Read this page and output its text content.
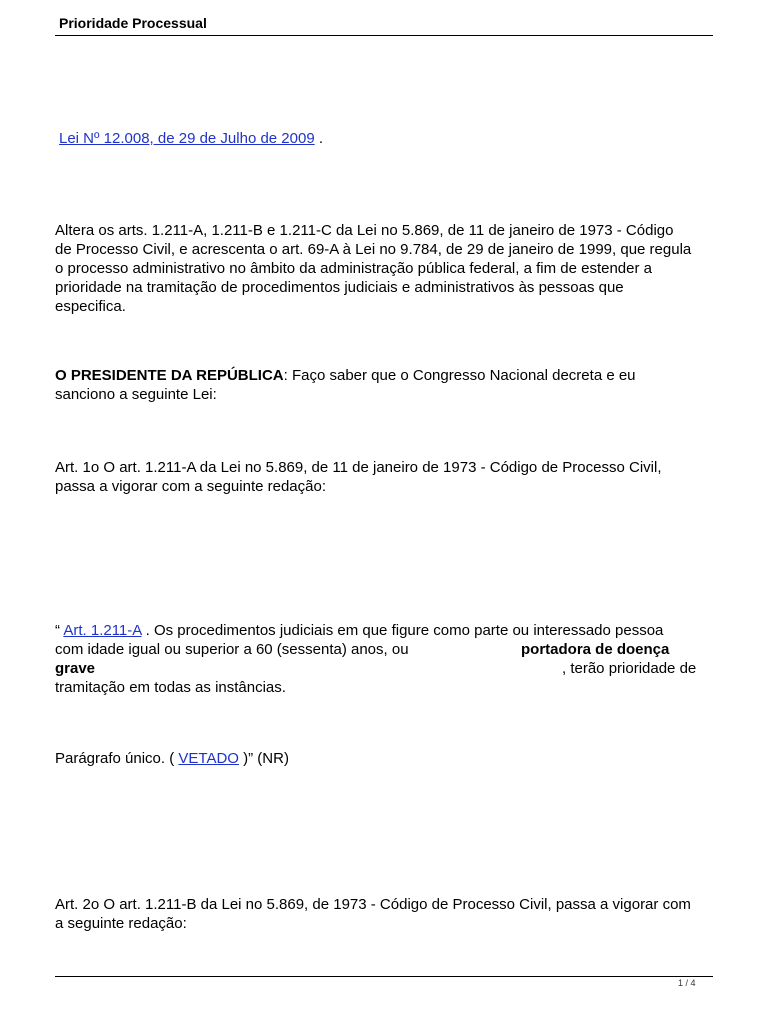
Prioridade Processual

Lei Nº 12.008, de 29 de Julho de 2009 .

Altera os arts. 1.211-A, 1.211-B e 1.211-C da Lei no 5.869, de 11 de janeiro de 1973 - Código
de Processo Civil, e acrescenta o art. 69-A à Lei no 9.784, de 29 de janeiro de 1999, que regula
o processo administrativo no âmbito da administração pública federal, a fim de estender a
prioridade na tramitação de procedimentos judiciais e administrativos às pessoas que
especifica.
O PRESIDENTE DA REPÚBLICA: Faço saber que o Congresso Nacional decreta e eu
sanciono a seguinte Lei:
Art. 1o O art. 1.211-A da Lei no 5.869, de 11 de janeiro de 1973 - Código de Processo Civil,
passa a vigorar com a seguinte redação:
“ Art. 1.211-A . Os procedimentos judiciais em que figure como parte ou interessado pessoa
com idade igual ou superior a 60 (sessenta) anos, ou	portadora de doença
grave	, terão prioridade de
tramitação em todas as instâncias.
Parágrafo único. ( VETADO )” (NR)
Art. 2o O art. 1.211-B da Lei no 5.869, de 1973 - Código de Processo Civil, passa a vigorar com
a seguinte redação:
1 / 4
